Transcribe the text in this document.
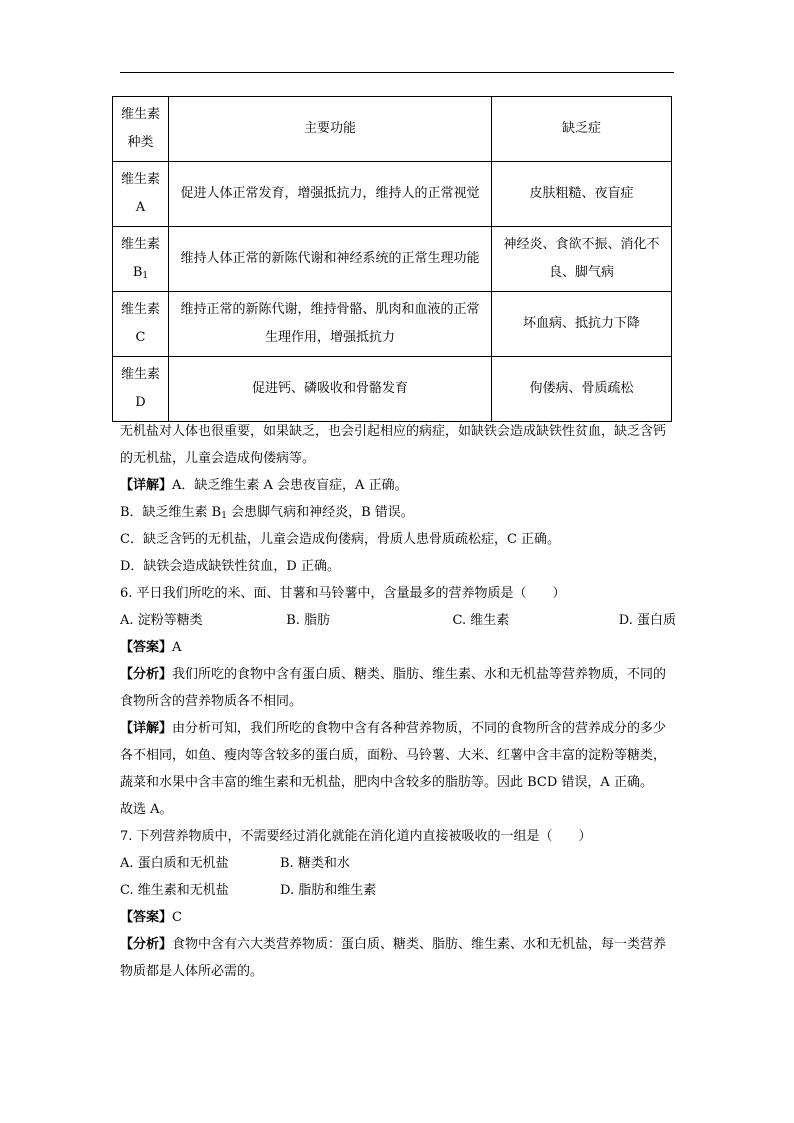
维生素种类	主要功能	缺乏症
维生素A	促进人体正常发育，增强抵抗力，维持人的正常视觉	皮肤粗糙、夜盲症
维生素$B_1$	维持人体正常的新陈代谢和神经系统的正常生理功能	神经炎、食欲不振、消化不良、脚气病
维生素C	维持正常的新陈代谢，维持骨骼、肌肉和血液的正常生理作用，增强抵抗力	坏血病、抵抗力下降
维生素D	促进钙、磷吸收和骨骼发育	佝偻病、骨质疏松

无机盐对人体也很重要，如果缺乏，也会引起相应的病症，如缺铁会造成缺铁性贫血，缺乏含钙的无机盐，儿童会造成佝偻病等。

【详解】A．缺乏维生素 A 会患夜盲症，A 正确。

B．缺乏维生素 $B_1$ 会患脚气病和神经炎，B 错误。

C．缺乏含钙的无机盐，儿童会造成佝偻病，骨质人患骨质疏松症，C 正确。

D．缺铁会造成缺铁性贫血，D 正确。

6. 平日我们所吃的米、面、甘薯和马铃薯中，含量最多的营养物质是（　　）

A. 淀粉等糖类	B. 脂肪	C. 维生素	D. 蛋白质

【答案】A

【分析】我们所吃的食物中含有蛋白质、糖类、脂肪、维生素、水和无机盐等营养物质，不同的食物所含的营养物质各不相同。

【详解】由分析可知，我们所吃的食物中含有各种营养物质，不同的食物所含的营养成分的多少各不相同，如鱼、瘦肉等含较多的蛋白质，面粉、马铃薯、大米、红薯中含丰富的淀粉等糖类，蔬菜和水果中含丰富的维生素和无机盐，肥肉中含较多的脂肪等。因此 BCD 错误，A 正确。

故选 A。

7. 下列营养物质中，不需要经过消化就能在消化道内直接被吸收的一组是（　　）

A. 蛋白质和无机盐	B. 糖类和水

C. 维生素和无机盐	D. 脂肪和维生素

【答案】C

【分析】食物中含有六大类营养物质：蛋白质、糖类、脂肪、维生素、水和无机盐，每一类营养物质都是人体所必需的。
